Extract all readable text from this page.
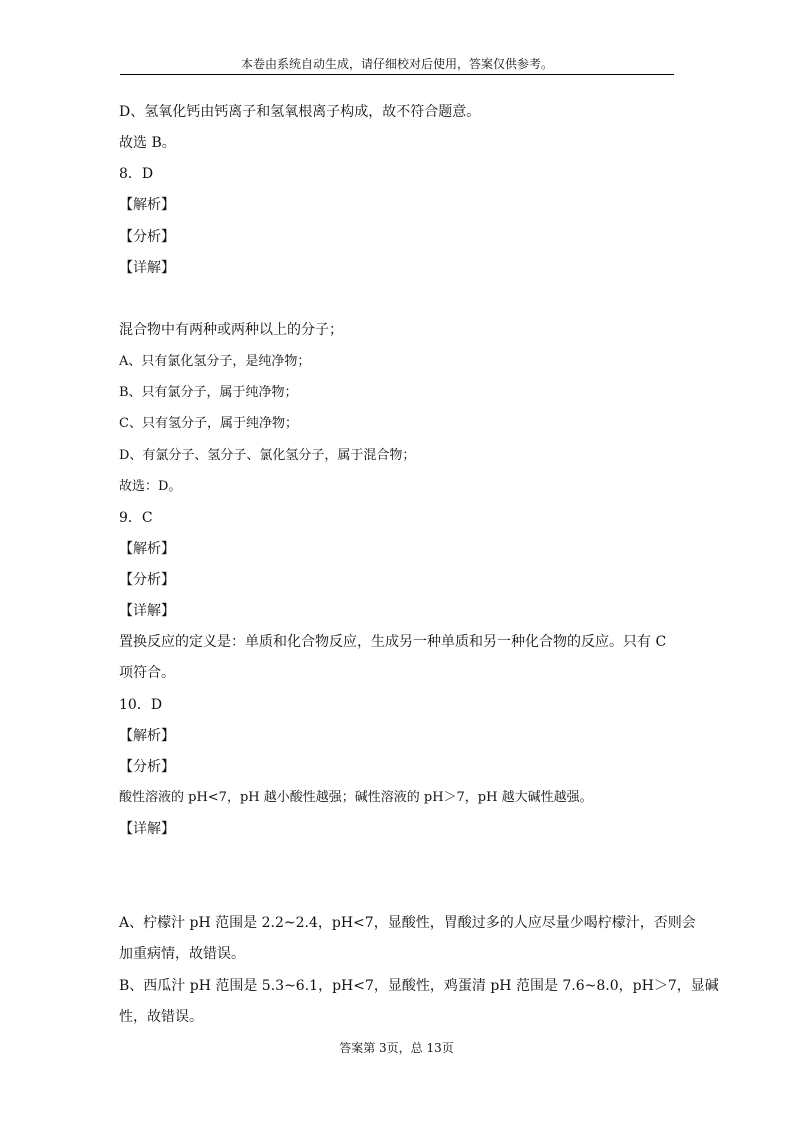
本卷由系统自动生成，请仔细校对后使用，答案仅供参考。
D、氢氧化钙由钙离子和氢氧根离子构成，故不符合题意。
故选 B。
8．D
【解析】
【分析】
【详解】
混合物中有两种或两种以上的分子；
A、只有氯化氢分子，是纯净物；
B、只有氯分子，属于纯净物；
C、只有氢分子，属于纯净物；
D、有氯分子、氢分子、氯化氢分子，属于混合物；
故选：D。
9．C
【解析】
【分析】
【详解】
置换反应的定义是：单质和化合物反应，生成另一种单质和另一种化合物的反应。只有 C
项符合。
10．D
【解析】
【分析】
酸性溶液的 pH<7，pH 越小酸性越强；碱性溶液的 pH＞7，pH 越大碱性越强。
【详解】
A、柠檬汁 pH 范围是 2.2~2.4，pH<7，显酸性，胃酸过多的人应尽量少喝柠檬汁，否则会
加重病情，故错误。
B、西瓜汁 pH 范围是 5.3~6.1，pH<7，显酸性，鸡蛋清 pH 范围是 7.6~8.0，pH＞7，显碱
性，故错误。
答案第 3页，总 13页
